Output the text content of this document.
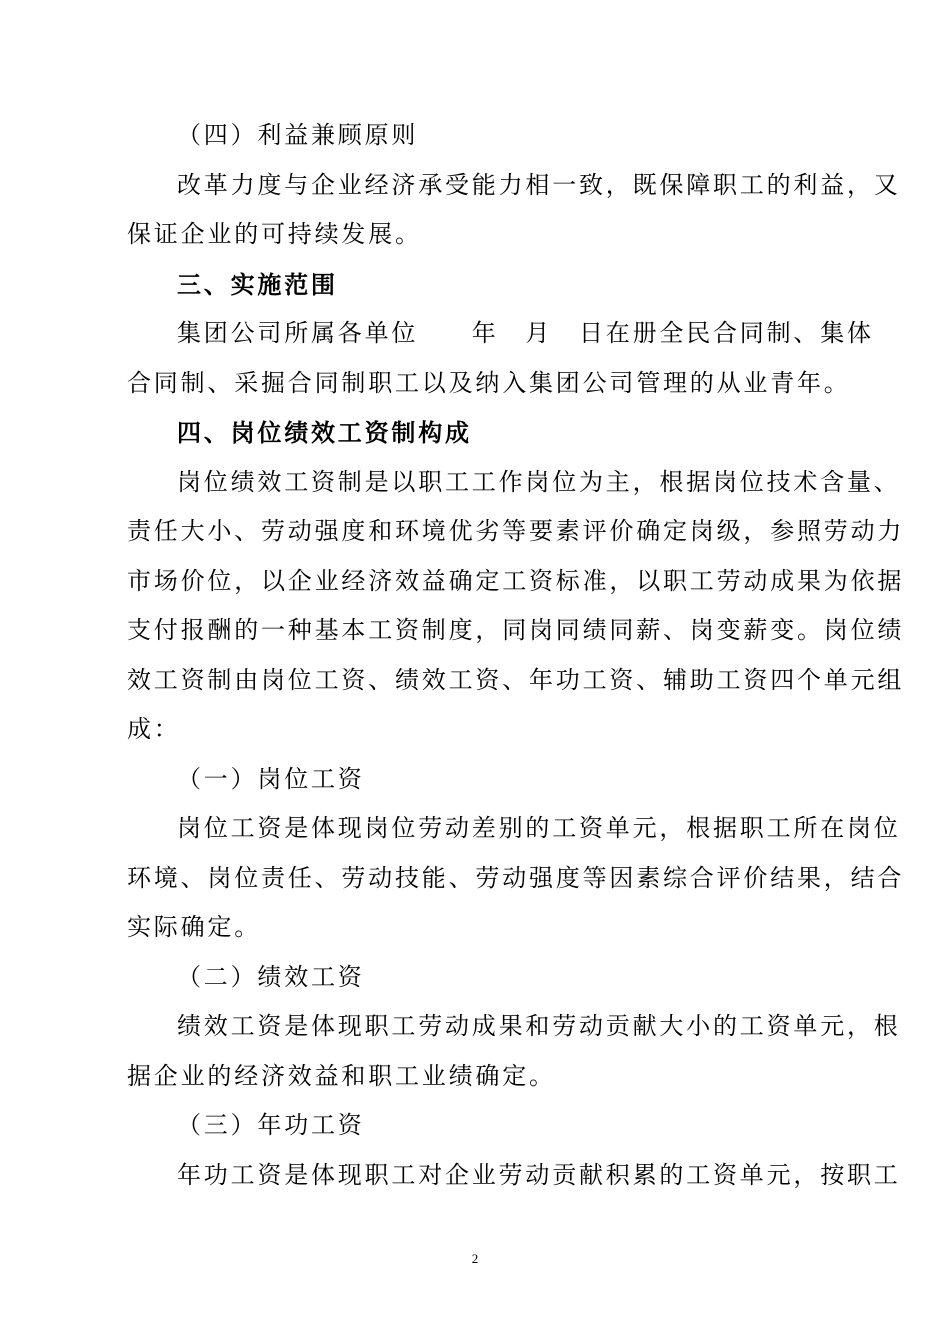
（四）利益兼顾原则
改革力度与企业经济承受能力相一致，既保障职工的利益，又
保证企业的可持续发展。
三、实施范围
集团公司所属各单位　　年　月　日在册全民合同制、集体
合同制、采掘合同制职工以及纳入集团公司管理的从业青年。
四、岗位绩效工资制构成
岗位绩效工资制是以职工工作岗位为主，根据岗位技术含量、
责任大小、劳动强度和环境优劣等要素评价确定岗级，参照劳动力
市场价位，以企业经济效益确定工资标准，以职工劳动成果为依据
支付报酬的一种基本工资制度，同岗同绩同薪、岗变薪变。岗位绩
效工资制由岗位工资、绩效工资、年功工资、辅助工资四个单元组
成：
（一）岗位工资
岗位工资是体现岗位劳动差别的工资单元，根据职工所在岗位
环境、岗位责任、劳动技能、劳动强度等因素综合评价结果，结合
实际确定。
（二）绩效工资
绩效工资是体现职工劳动成果和劳动贡献大小的工资单元，根
据企业的经济效益和职工业绩确定。
（三）年功工资
年功工资是体现职工对企业劳动贡献积累的工资单元，按职工
2
